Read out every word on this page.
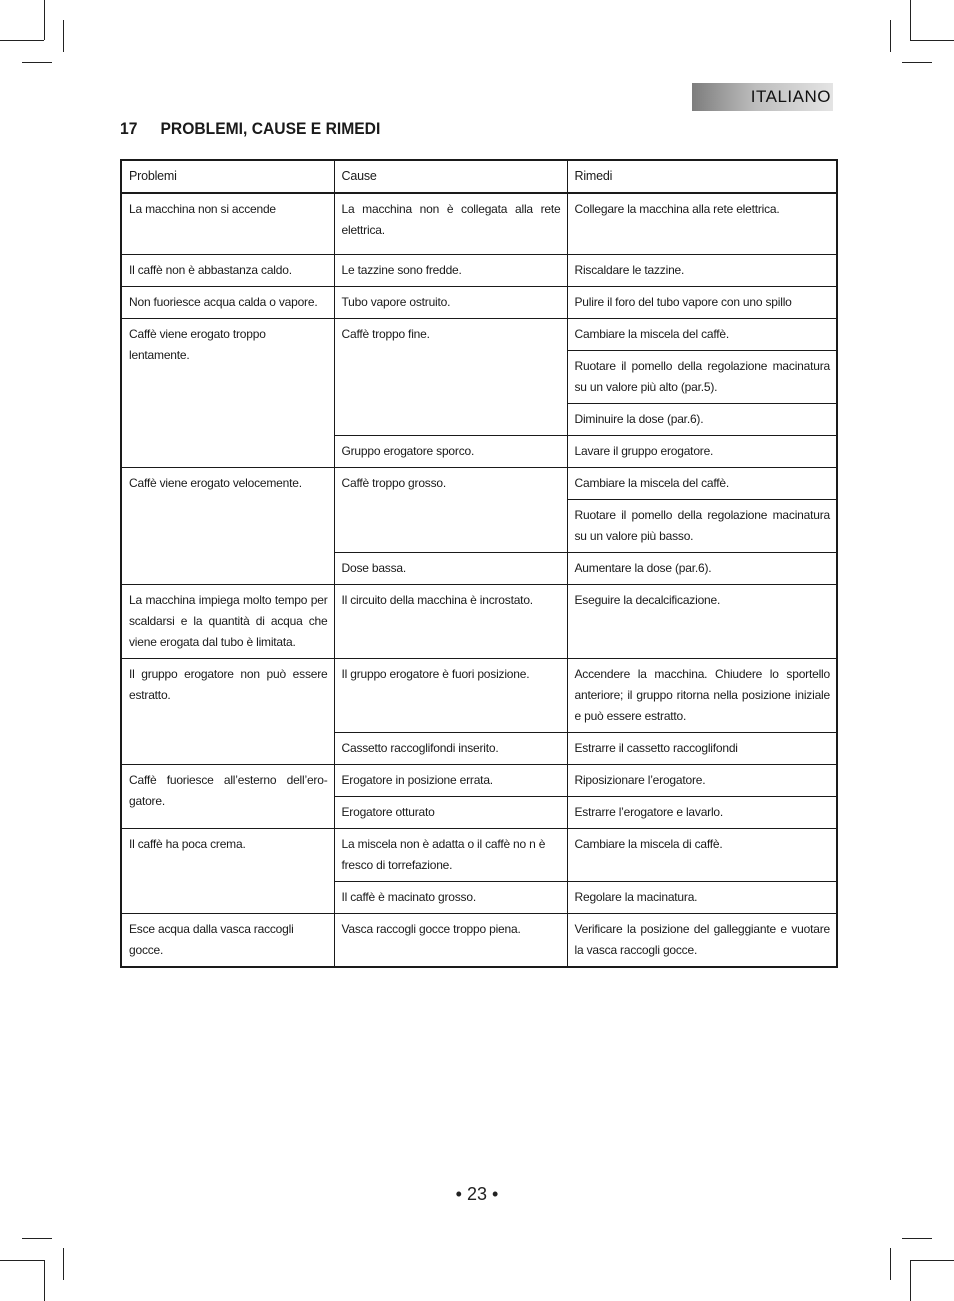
ITALIANO
17	PROBLEMI, CAUSE E RIMEDI
Problemi	Cause	Rimedi
La macchina non si accende	La macchina non è collegata alla rete elettrica.	Collegare la macchina alla rete elettrica.
Il caffè non è abbastanza caldo.	Le tazzine sono fredde.	Riscaldare le tazzine.
Non fuoriesce acqua calda o vapore.	Tubo vapore ostruito.	Pulire il foro del tubo vapore con uno spillo
Caffè viene erogato troppo lentamente.	Caffè troppo fine.	Cambiare la miscela del caffè.
		Ruotare il pomello della regolazione macinatura su un valore più alto (par.5).
		Diminuire la dose (par.6).
	Gruppo erogatore sporco.	Lavare il gruppo erogatore.
Caffè viene erogato velocemente.	Caffè troppo grosso.	Cambiare la miscela del caffè.
		Ruotare il pomello della regolazione macinatura su un valore più basso.
	Dose bassa.	Aumentare la dose (par.6).
La macchina impiega molto tempo per scaldarsi e la quantità di acqua che viene erogata dal tubo è limitata.	Il circuito della macchina è incrostato.	Eseguire la decalcificazione.
Il gruppo erogatore non può essere estratto.	Il gruppo erogatore è fuori posizione.	Accendere la macchina. Chiudere lo sportello anteriore; il gruppo ritorna nella posizione iniziale e può essere estratto.
	Cassetto raccoglifondi inserito.	Estrarre il cassetto raccoglifondi
Caffè fuoriesce all’esterno dell’ero-gatore.	Erogatore in posizione errata.	Riposizionare l’erogatore.
	Erogatore otturato	Estrarre l’erogatore e lavarlo.
Il caffè ha poca crema.	La miscela non è adatta o il caffè no n è fresco di torrefazione.	Cambiare la miscela di caffè.
	Il caffè è macinato grosso.	Regolare la macinatura.
Esce acqua dalla vasca raccogli gocce.	Vasca raccogli gocce troppo piena.	Verificare la posizione del galleggiante e vuotare la vasca raccogli gocce.
• 23 •
